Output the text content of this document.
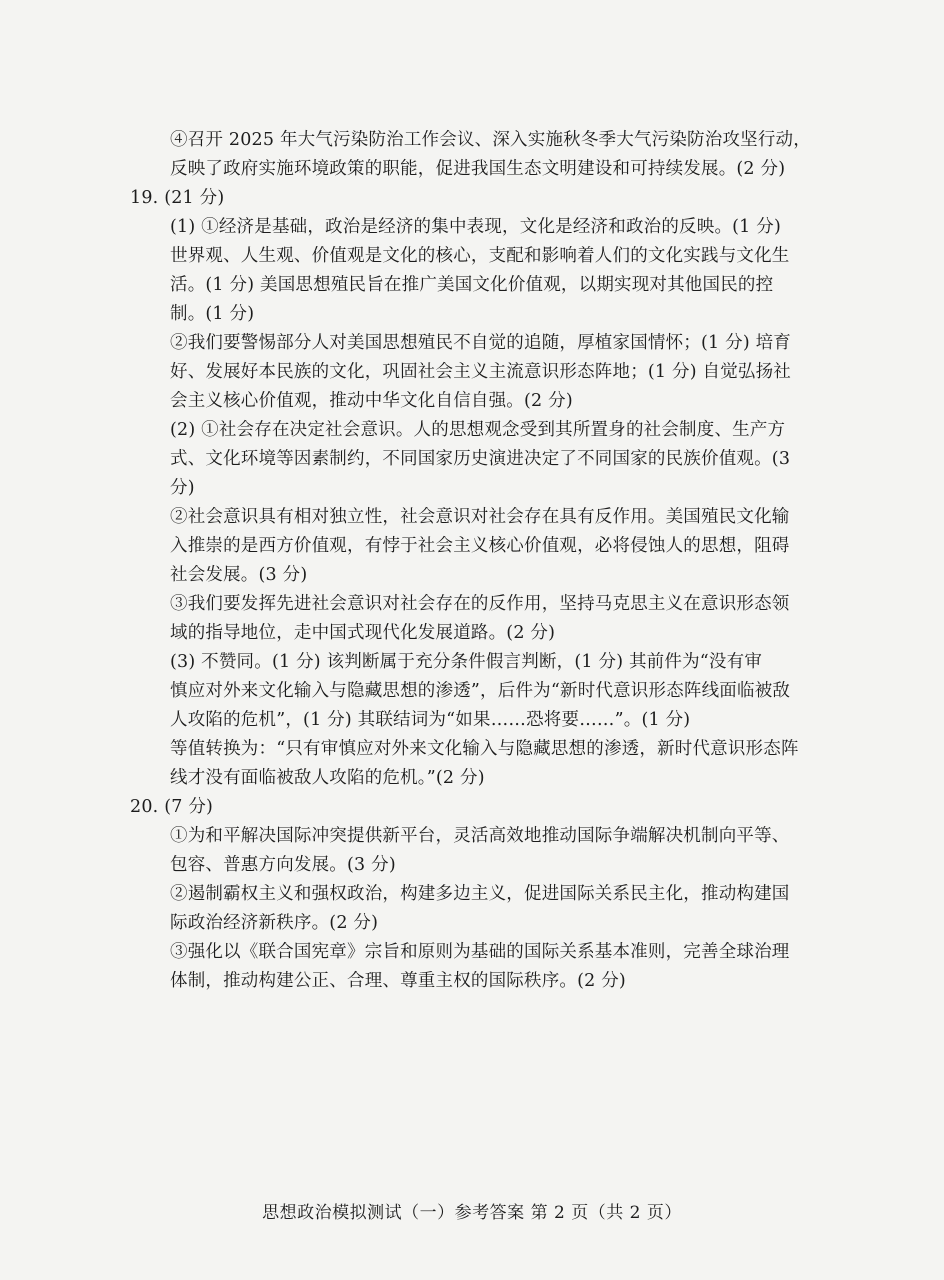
④召开 2025 年大气污染防治工作会议、深入实施秋冬季大气污染防治攻坚行动，
反映了政府实施环境政策的职能，促进我国生态文明建设和可持续发展。(2 分)
19. (21 分)
(1) ①经济是基础，政治是经济的集中表现，文化是经济和政治的反映。(1 分)
世界观、人生观、价值观是文化的核心，支配和影响着人们的文化实践与文化生
活。(1 分) 美国思想殖民旨在推广美国文化价值观，以期实现对其他国民的控
制。(1 分)
②我们要警惕部分人对美国思想殖民不自觉的追随，厚植家国情怀；(1 分) 培育
好、发展好本民族的文化，巩固社会主义主流意识形态阵地；(1 分) 自觉弘扬社
会主义核心价值观，推动中华文化自信自强。(2 分)
(2) ①社会存在决定社会意识。人的思想观念受到其所置身的社会制度、生产方
式、文化环境等因素制约，不同国家历史演进决定了不同国家的民族价值观。(3
分)
②社会意识具有相对独立性，社会意识对社会存在具有反作用。美国殖民文化输
入推崇的是西方价值观，有悖于社会主义核心价值观，必将侵蚀人的思想，阻碍
社会发展。(3 分)
③我们要发挥先进社会意识对社会存在的反作用，坚持马克思主义在意识形态领
域的指导地位，走中国式现代化发展道路。(2 分)
(3) 不赞同。(1 分) 该判断属于充分条件假言判断，(1 分) 其前件为“没有审
慎应对外来文化输入与隐藏思想的渗透”，后件为“新时代意识形态阵线面临被敌
人攻陷的危机”，(1 分) 其联结词为“如果……恐将要……”。(1 分)
等值转换为：“只有审慎应对外来文化输入与隐藏思想的渗透，新时代意识形态阵
线才没有面临被敌人攻陷的危机。”(2 分)
20. (7 分)
①为和平解决国际冲突提供新平台，灵活高效地推动国际争端解决机制向平等、
包容、普惠方向发展。(3 分)
②遏制霸权主义和强权政治，构建多边主义，促进国际关系民主化，推动构建国
际政治经济新秩序。(2 分)
③强化以《联合国宪章》宗旨和原则为基础的国际关系基本准则，完善全球治理
体制，推动构建公正、合理、尊重主权的国际秩序。(2 分)
思想政治模拟测试（一）参考答案 第 2 页（共 2 页）
